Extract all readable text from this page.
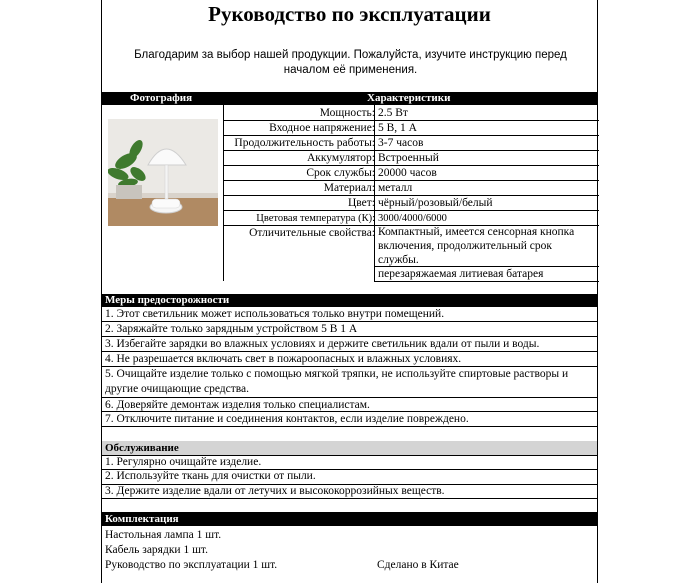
Руководство по эксплуатации
Благодарим за выбор нашей продукции. Пожалуйста, изучите инструкцию перед началом её применения.
Фотография	Характеристики
Мощность: 2.5 Вт
Входное напряжение: 5 В, 1 А
Продолжительность работы: 3-7 часов
Аккумулятор: Встроенный
Срок службы: 20000 часов
Материал: металл
Цвет: чёрный/розовый/белый
Цветовая температура (К): 3000/4000/6000
Отличительные свойства: Компактный, имеется сенсорная кнопка
включения, продолжительный срок
службы.
перезаряжаемая литиевая батарея
Меры предосторожности
1. Этот светильник может использоваться только внутри помещений.
2. Заряжайте только зарядным устройством 5 В 1 А
3. Избегайте зарядки во влажных условиях и держите светильник вдали от пыли и воды.
4. Не разрешается включать свет в пожароопасных и влажных условиях.
5. Очищайте изделие только с помощью мягкой тряпки, не используйте спиртовые растворы и
другие очищающие средства.
6. Доверяйте демонтаж изделия только специалистам.
7. Отключите питание и соединения контактов, если изделие повреждено.
Обслуживание
1. Регулярно очищайте изделие.
2. Используйте ткань для очистки от пыли.
3. Держите изделие вдали от летучих и высококоррозийных веществ.
Комплектация
Настольная лампа 1 шт.
Кабель зарядки 1 шт.
Руководство по эксплуатации 1 шт.	Сделано в Китае
